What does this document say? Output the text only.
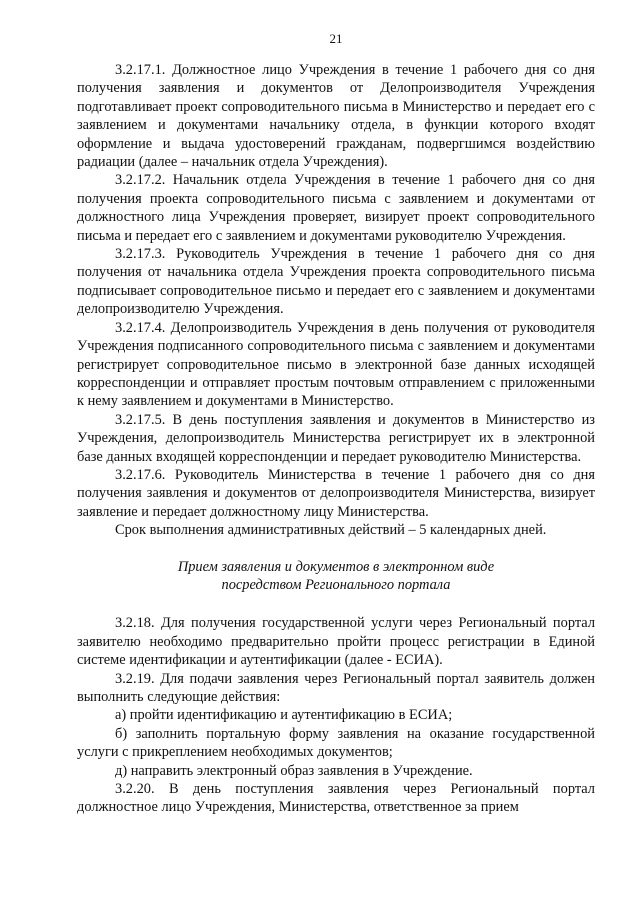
21

3.2.17.1. Должностное лицо Учреждения в течение 1 рабочего дня со дня получения заявления и документов от Делопроизводителя Учреждения подготавливает проект сопроводительного письма в Министерство и передает его с заявлением и документами начальнику отдела, в функции которого входят оформление и выдача удостоверений гражданам, подвергшимся воздействию радиации (далее – начальник отдела Учреждения).

3.2.17.2. Начальник отдела Учреждения в течение 1 рабочего дня со дня получения проекта сопроводительного письма с заявлением и документами от должностного лица Учреждения проверяет, визирует проект сопроводительного письма и передает его с заявлением и документами руководителю Учреждения.

3.2.17.3. Руководитель Учреждения в течение 1 рабочего дня со дня получения от начальника отдела Учреждения проекта сопроводительного письма подписывает сопроводительное письмо и передает его с заявлением и документами делопроизводителю Учреждения.

3.2.17.4. Делопроизводитель Учреждения в день получения от руководителя Учреждения подписанного сопроводительного письма с заявлением и документами регистрирует сопроводительное письмо в электронной базе данных исходящей корреспонденции и отправляет простым почтовым отправлением с приложенными к нему заявлением и документами в Министерство.

3.2.17.5. В день поступления заявления и документов в Министерство из Учреждения, делопроизводитель Министерства регистрирует их в электронной базе данных входящей корреспонденции и передает руководителю Министерства.

3.2.17.6. Руководитель Министерства в течение 1 рабочего дня со дня получения заявления и документов от делопроизводителя Министерства, визирует заявление и передает должностному лицу Министерства.

Срок выполнения административных действий – 5 календарных дней.

Прием заявления и документов в электронном виде
посредством Регионального портала

3.2.18. Для получения государственной услуги через Региональный портал заявителю необходимо предварительно пройти процесс регистрации в Единой системе идентификации и аутентификации (далее - ЕСИА).

3.2.19. Для подачи заявления через Региональный портал заявитель должен выполнить следующие действия:

а) пройти идентификацию и аутентификацию в ЕСИА;

б) заполнить портальную форму заявления на оказание государственной услуги с прикреплением необходимых документов;

д) направить электронный образ заявления в Учреждение.

3.2.20. В день поступления заявления через Региональный портал должностное лицо Учреждения, Министерства, ответственное за прием
